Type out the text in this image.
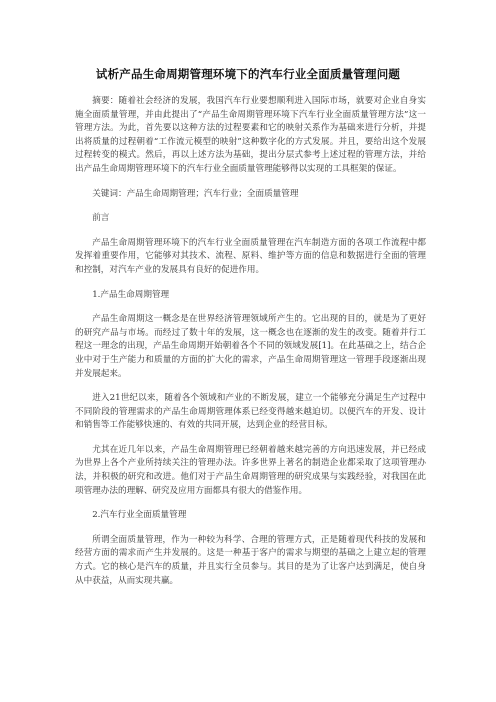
试析产品生命周期管理环境下的汽车行业全面质量管理问题

摘要：随着社会经济的发展，我国汽车行业要想顺利进入国际市场，就要对企业自身实施全面质量管理，并由此提出了“产品生命周期管理环境下汽车行业全面质量管理方法”这一管理方法。为此，首先要以这种方法的过程要素和它的映射关系作为基础来进行分析，并提出将质量的过程朝着“工作流元模型的映射”这种数字化的方式发展。并且，要给出这个发展过程转变的模式。然后，再以上述方法为基础，提出分层式参考上述过程的管理方法，并给出产品生命周期管理环境下的汽车行业全面质量管理能够得以实现的工具框架的保证。

关键词：产品生命周期管理；汽车行业；全面质量管理

前言

产品生命周期管理环境下的汽车行业全面质量管理在汽车制造方面的各项工作流程中都发挥着重要作用，它能够对其技术、流程、原料、维护等方面的信息和数据进行全面的管理和控制，对汽车产业的发展具有良好的促进作用。

1.产品生命周期管理

产品生命周期这一概念是在世界经济管理领域所产生的。它出现的目的，就是为了更好的研究产品与市场。而经过了数十年的发展，这一概念也在逐渐的发生的改变。随着并行工程这一理念的出现，产品生命周期开始朝着各个不同的领域发展[1]。在此基础之上，结合企业中对于生产能力和质量的方面的扩大化的需求，产品生命周期管理这一管理手段逐渐出现并发展起来。

进入21世纪以来，随着各个领域和产业的不断发展，建立一个能够充分满足生产过程中不同阶段的管理需求的产品生命周期管理体系已经变得越来越迫切。以便汽车的开发、设计和销售等工作能够快速的、有效的共同开展，达到企业的经营目标。

尤其在近几年以来，产品生命周期管理已经朝着越来越完善的方向迅速发展，并已经成为世界上各个产业所持续关注的管理办法。许多世界上著名的制造企业都采取了这项管理办法，并积极的研究和改进。他们对于产品生命周期管理的研究成果与实践经验，对我国在此项管理办法的理解、研究及应用方面都具有很大的借鉴作用。

2.汽车行业全面质量管理

所谓全面质量管理，作为一种较为科学、合理的管理方式，正是随着现代科技的发展和经营方面的需求而产生并发展的。这是一种基于客户的需求与期望的基础之上建立起的管理方式。它的核心是汽车的质量，并且实行全员参与。其目的是为了让客户达到满足，使自身从中获益，从而实现共赢。
